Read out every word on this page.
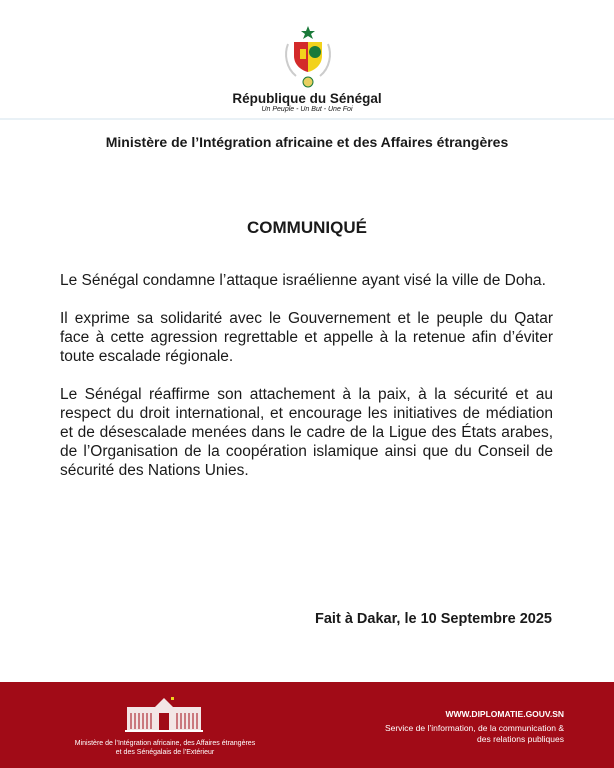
République du Sénégal
Un Peuple - Un But - Une Foi
Ministère de l’Intégration africaine et des Affaires étrangères
COMMUNIQUÉ

Le Sénégal condamne l’attaque israélienne ayant visé la ville de Doha.

Il exprime sa solidarité avec le Gouvernement et le peuple du Qatar face à cette agression regrettable et appelle à la retenue afin d’éviter toute escalade régionale.

Le Sénégal réaffirme son attachement à la paix, à la sécurité et au respect du droit international, et encourage les initiatives de médiation et de désescalade menées dans le cadre de la Ligue des États arabes, de l’Organisation de la coopération islamique ainsi que du Conseil de sécurité des Nations Unies.

Fait à Dakar, le 10 Septembre 2025
Ministère de l’Intégration africaine, des Affaires étrangères
et des Sénégalais de l’Extérieur
WWW.DIPLOMATIE.GOUV.SN
Service de l’information, de la communication &
des relations publiques
